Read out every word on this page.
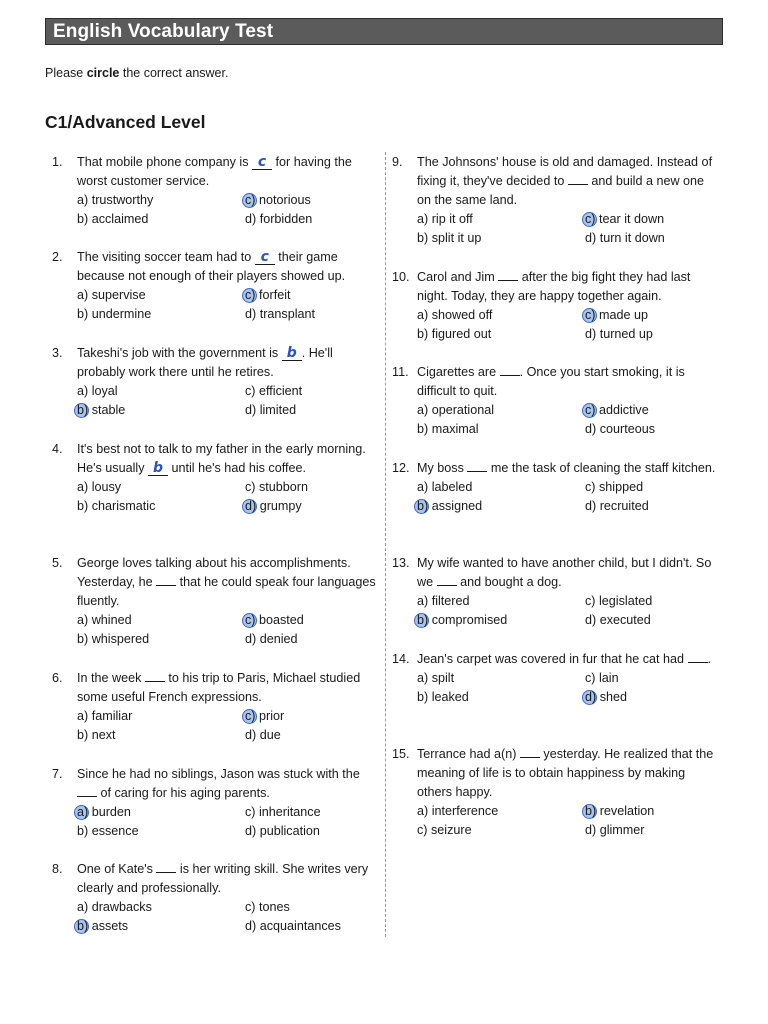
English Vocabulary Test
Please circle the correct answer.
C1/Advanced Level
1.	That mobile phone company is c for having the worst customer service.
a) trustworthy	c) notorious
b) acclaimed	d) forbidden
2.	The visiting soccer team had to c their game because not enough of their players showed up.
a) supervise	c) forfeit
b) undermine	d) transplant
3.	Takeshi's job with the government is b . He'll probably work there until he retires.
a) loyal	c) efficient
b) stable	d) limited
4.	It's best not to talk to my father in the early morning. He's usually b until he's had his coffee.
a) lousy	c) stubborn
b) charismatic	d) grumpy
5.	George loves talking about his accomplishments. Yesterday, he  that he could speak four languages fluently.
a) whined	c) boasted
b) whispered	d) denied
6.	In the week  to his trip to Paris, Michael studied some useful French expressions.
a) familiar	c) prior
b) next	d) due
7.	Since he had no siblings, Jason was stuck with the  of caring for his aging parents.
a) burden	c) inheritance
b) essence	d) publication
8.	One of Kate's  is her writing skill. She writes very clearly and professionally.
a) drawbacks	c) tones
b) assets	d) acquaintances
9.	The Johnsons' house is old and damaged. Instead of fixing it, they've decided to  and build a new one on the same land.
a) rip it off	c) tear it down
b) split it up	d) turn it down
10. Carol and Jim  after the big fight they had last night. Today, they are happy together again.
a) showed off	c) made up
b) figured out	d) turned up
11. Cigarettes are . Once you start smoking, it is difficult to quit.
a) operational	c) addictive
b) maximal	d) courteous
12. My boss  me the task of cleaning the staff kitchen.
a) labeled	c) shipped
b) assigned	d) recruited
13. My wife wanted to have another child, but I didn't. So we  and bought a dog.
a) filtered	c) legislated
b) compromised	d) executed
14. Jean's carpet was covered in fur that he cat had .
a) spilt	c) lain
b) leaked	d) shed
15. Terrance had a(n)  yesterday. He realized that the meaning of life is to obtain happiness by making others happy.
a) interference	b) revelation
c) seizure	d) glimmer
